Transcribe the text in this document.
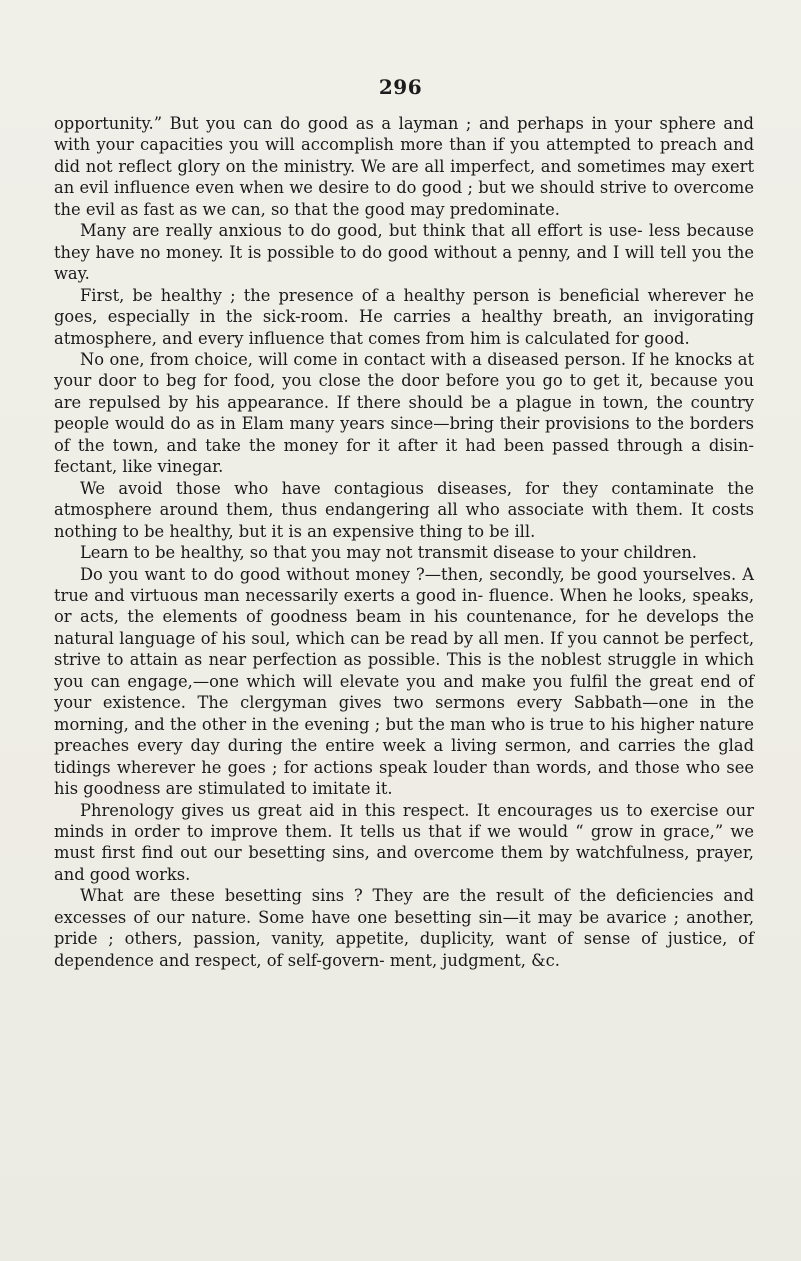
296

opportunity.” But you can do good as a layman ; and perhaps in your sphere and with your capacities you will accomplish more than if you attempted to preach and did not reflect glory on the ministry. We are all imperfect, and sometimes may exert an evil influence even when we desire to do good ; but we should strive to overcome the evil as fast as we can, so that the good may predominate.

Many are really anxious to do good, but think that all effort is use- less because they have no money. It is possible to do good without a penny, and I will tell you the way.

First, be healthy ; the presence of a healthy person is beneficial wherever he goes, especially in the sick-room. He carries a healthy breath, an invigorating atmosphere, and every influence that comes from him is calculated for good.

No one, from choice, will come in contact with a diseased person. If he knocks at your door to beg for food, you close the door before you go to get it, because you are repulsed by his appearance. If there should be a plague in town, the country people would do as in Elam many years since—bring their provisions to the borders of the town, and take the money for it after it had been passed through a disin- fectant, like vinegar.

We avoid those who have contagious diseases, for they contaminate the atmosphere around them, thus endangering all who associate with them. It costs nothing to be healthy, but it is an expensive thing to be ill.

Learn to be healthy, so that you may not transmit disease to your children.

Do you want to do good without money ?—then, secondly, be good yourselves. A true and virtuous man necessarily exerts a good in- fluence. When he looks, speaks, or acts, the elements of goodness beam in his countenance, for he develops the natural language of his soul, which can be read by all men. If you cannot be perfect, strive to attain as near perfection as possible. This is the noblest struggle in which you can engage,—one which will elevate you and make you fulfil the great end of your existence. The clergyman gives two sermons every Sabbath—one in the morning, and the other in the evening ; but the man who is true to his higher nature preaches every day during the entire week a living sermon, and carries the glad tidings wherever he goes ; for actions speak louder than words, and those who see his goodness are stimulated to imitate it.

Phrenology gives us great aid in this respect. It encourages us to exercise our minds in order to improve them. It tells us that if we would “ grow in grace,” we must first find out our besetting sins, and overcome them by watchfulness, prayer, and good works.

What are these besetting sins ? They are the result of the deficiencies and excesses of our nature. Some have one besetting sin—it may be avarice ; another, pride ; others, passion, vanity, appetite, duplicity, want of sense of justice, of dependence and respect, of self-govern- ment, judgment, &c.
